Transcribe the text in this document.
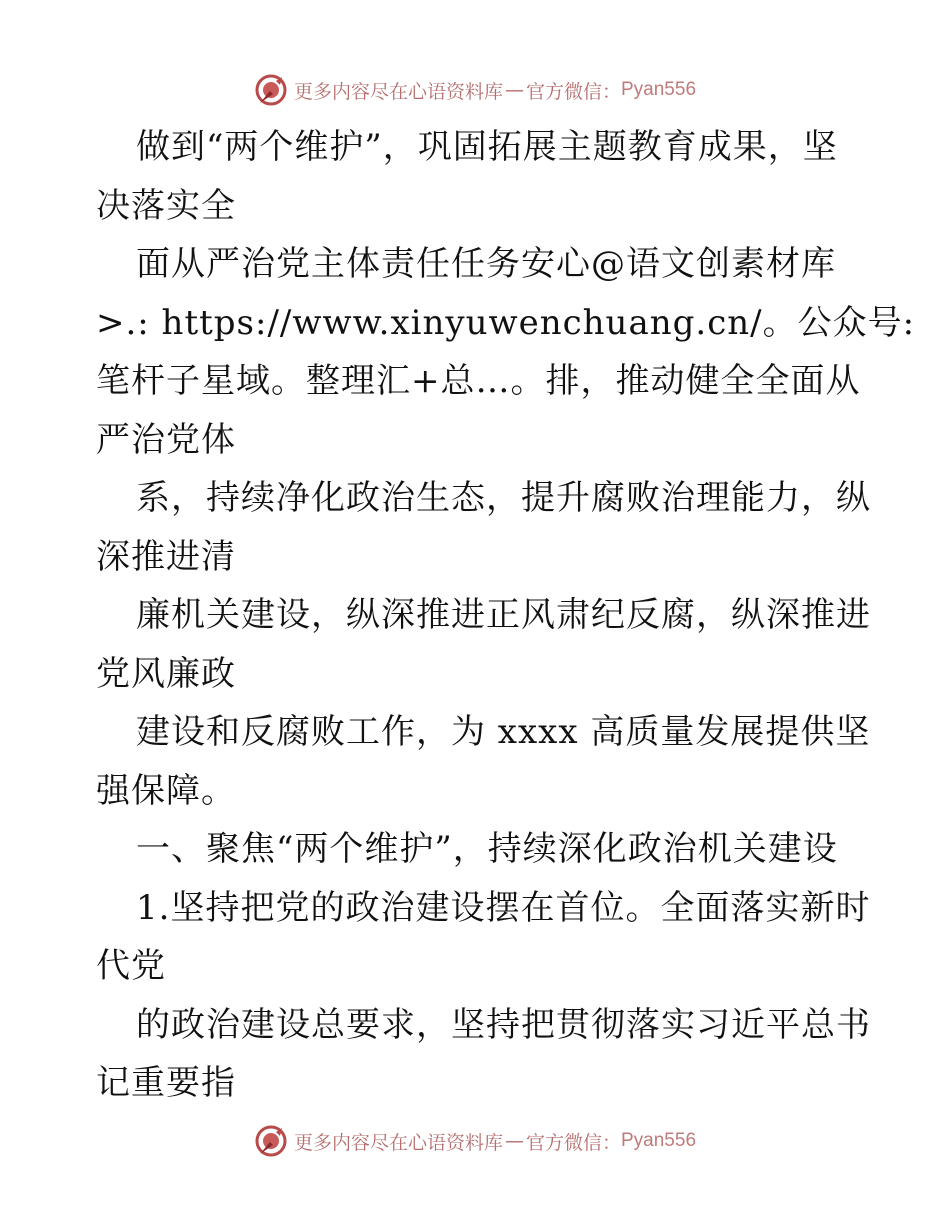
更多内容尽在心语资料库 — 官方微信： Pyan556
做到“两个维护”，巩固拓展主题教育成果，坚
决落实全
面从严治党主体责任任务安心@语文创素材库
>.: https://www.xinyuwenchuang.cn/。公众号:
笔杆子星域。整理汇+总…。排，推动健全全面从
严治党体
系，持续净化政治生态，提升腐败治理能力，纵
深推进清
廉机关建设，纵深推进正风肃纪反腐，纵深推进
党风廉政
建设和反腐败工作，为 xxxx 高质量发展提供坚
强保障。
一、聚焦“两个维护”，持续深化政治机关建设
1.坚持把党的政治建设摆在首位。全面落实新时
代党
的政治建设总要求，坚持把贯彻落实习近平总书
记重要指
更多内容尽在心语资料库 — 官方微信： Pyan556
